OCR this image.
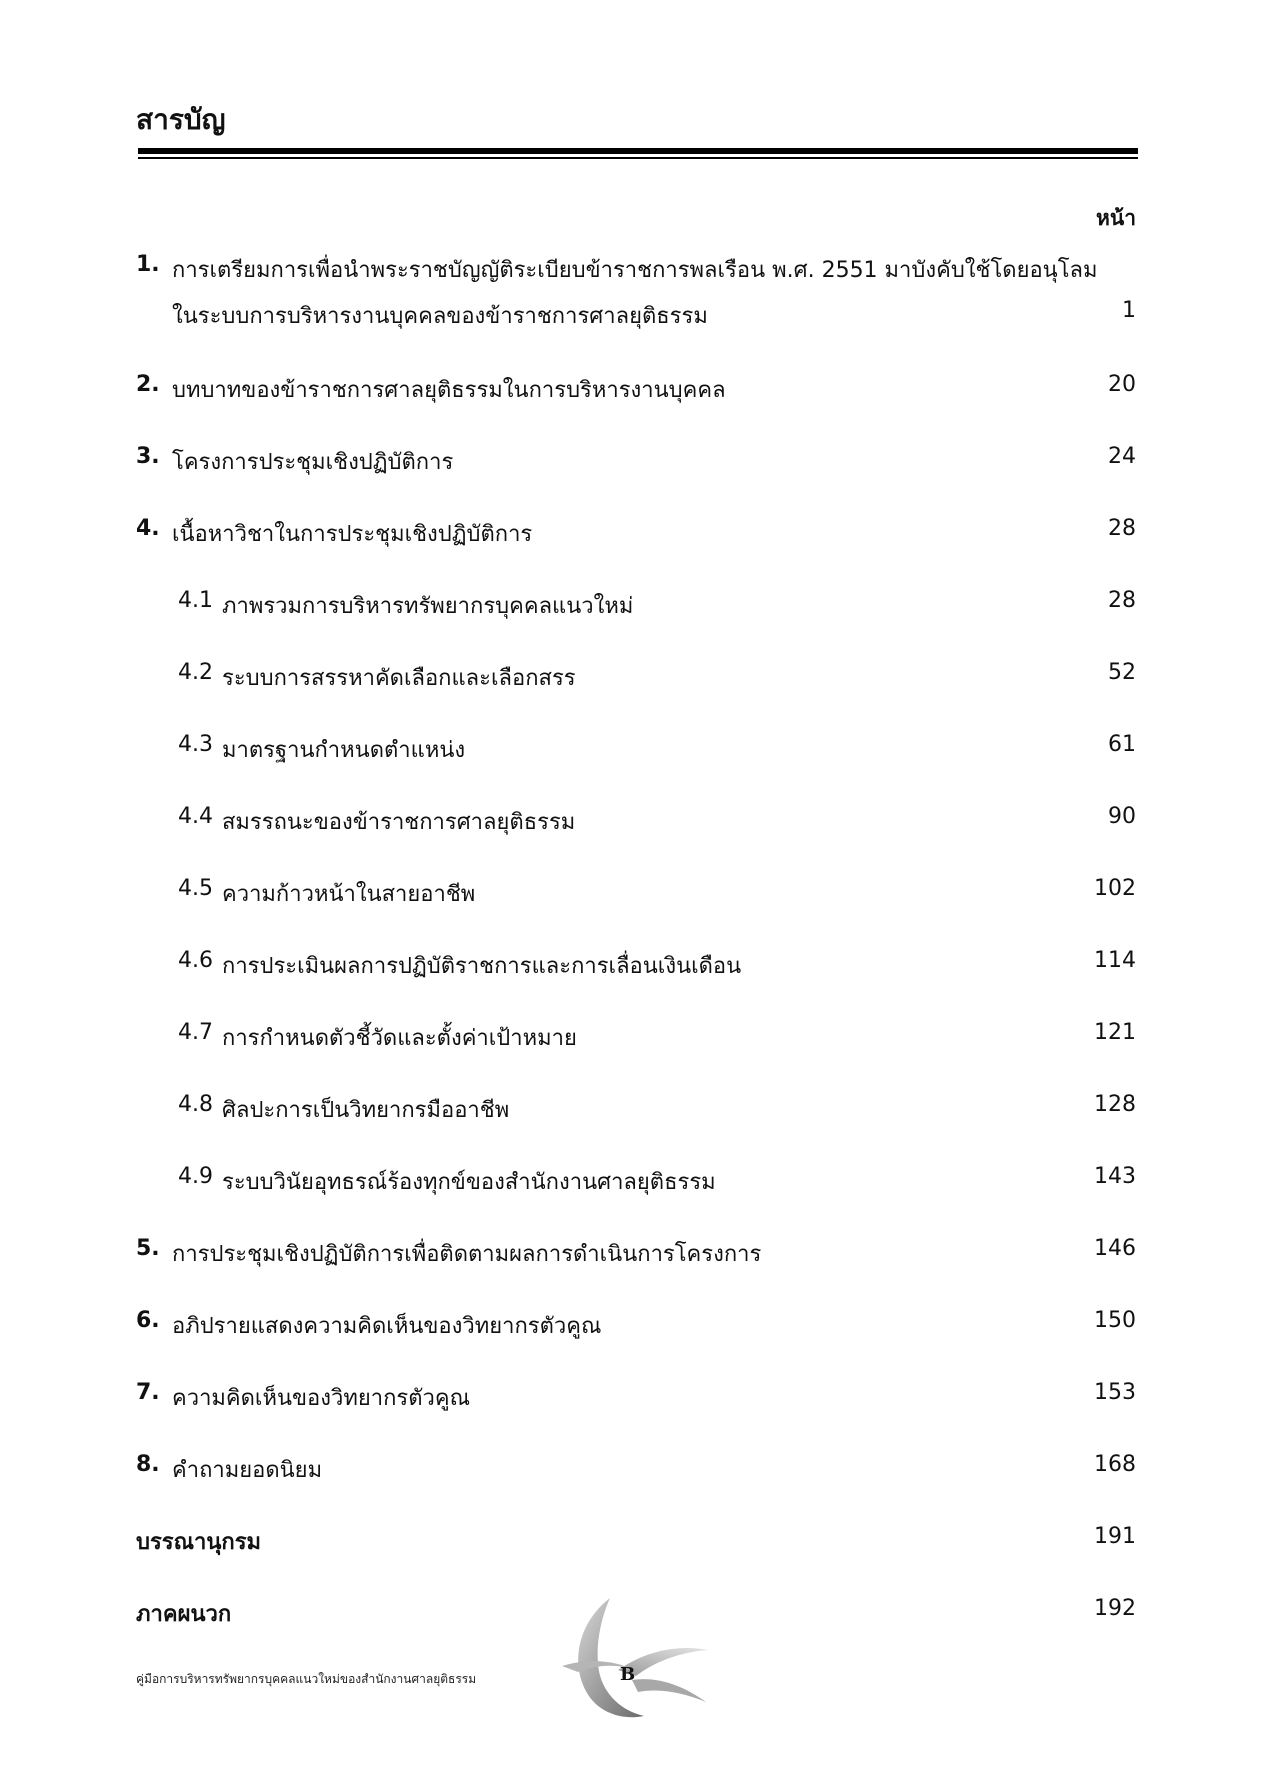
สารบัญ
หน้า
1. การเตรียมการเพื่อนำพระราชบัญญัติระเบียบข้าราชการพลเรือน พ.ศ. 2551 มาบังคับใช้โดยอนุโลม
ในระบบการบริหารงานบุคคลของข้าราชการศาลยุติธรรม	1
2. บทบาทของข้าราชการศาลยุติธรรมในการบริหารงานบุคคล	20
3. โครงการประชุมเชิงปฏิบัติการ	24
4. เนื้อหาวิชาในการประชุมเชิงปฏิบัติการ	28
4.1 ภาพรวมการบริหารทรัพยากรบุคคลแนวใหม่	28
4.2 ระบบการสรรหาคัดเลือกและเลือกสรร	52
4.3 มาตรฐานกำหนดตำแหน่ง	61
4.4 สมรรถนะของข้าราชการศาลยุติธรรม	90
4.5 ความก้าวหน้าในสายอาชีพ	102
4.6 การประเมินผลการปฏิบัติราชการและการเลื่อนเงินเดือน	114
4.7 การกำหนดตัวชี้วัดและตั้งค่าเป้าหมาย	121
4.8 ศิลปะการเป็นวิทยากรมืออาชีพ	128
4.9 ระบบวินัยอุทธรณ์ร้องทุกข์ของสำนักงานศาลยุติธรรม	143
5. การประชุมเชิงปฏิบัติการเพื่อติดตามผลการดำเนินการโครงการ	146
6. อภิปรายแสดงความคิดเห็นของวิทยากรตัวคูณ	150
7. ความคิดเห็นของวิทยากรตัวคูณ	153
8. คำถามยอดนิยม	168
บรรณานุกรม	191
ภาคผนวก	192
คู่มือการบริหารทรัพยากรบุคคลแนวใหม่ของสำนักงานศาลยุติธรรม	B
